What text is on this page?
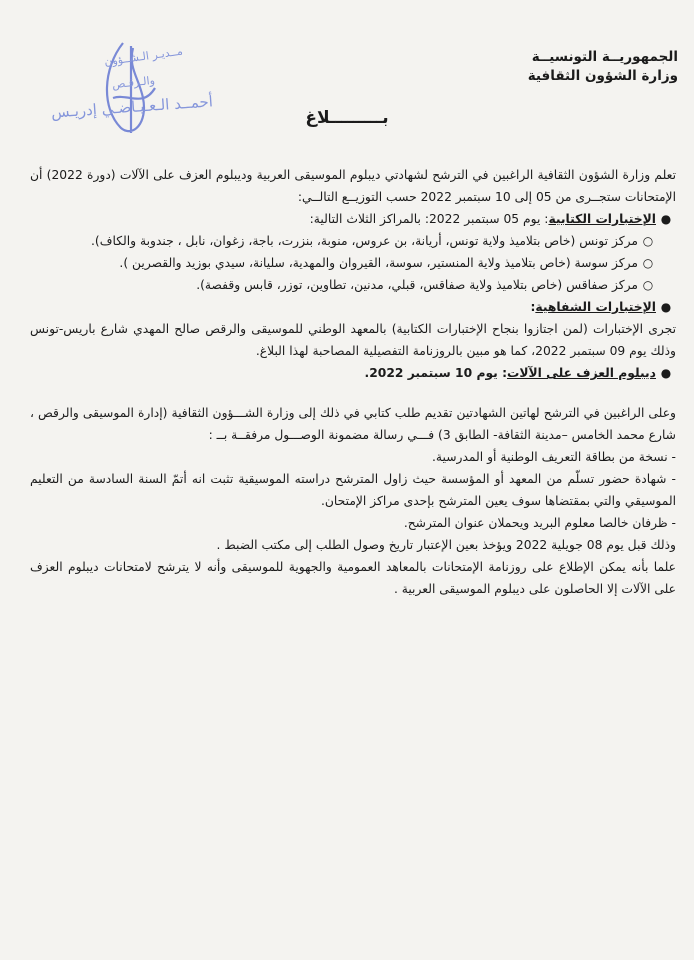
مــديـر الـشــؤون
والـرقـص
أحمــد الـعـيـاضـي إدريـس
الجمهوريــة التونسيــة
وزارة الشؤون الثقافية
بـــــــــلاغ

تعلم وزارة الشؤون الثقافية الراغبين في الترشح لشهادتي ديبلوم الموسيقى العربية وديبلوم العزف على الآلات (دورة 2022) أن الإمتحانات ستجــرى من 05 إلى 10 سبتمبر 2022 حسب التوزيــع التالــي:

●
الإختبارات الكتابية: يوم 05 سبتمبر 2022: بالمراكز الثلاث التالية:
○
مركز تونس (خاص بتلاميذ ولاية تونس، أريانة، بن عروس، منوبة، بنزرت، باجة، زغوان، نابل ، جندوبة والكاف).
○
مركز سوسة (خاص بتلاميذ ولاية المنستير، سوسة، القيروان والمهدية، سليانة، سيدي بوزيد والقصرين ).
○
مركز صفاقس (خاص بتلاميذ ولاية صفاقس، قبلي، مدنين، تطاوين، توزر، قابس وقفصة).
●
الإختبارات الشفاهية:

تجرى الإختبارات (لمن اجتازوا بنجاح الإختبارات الكتابية) بالمعهد الوطني للموسيقى والرقص صالح المهدي شارع باريس-تونس وذلك يوم 09 سبتمبر 2022، كما هو مبين بالروزنامة التفصيلية المصاحبة لهذا البلاغ.

●
ديبلوم العزف على الآلات: يوم 10 سبتمبر 2022.

وعلى الراغبين في الترشح لهاتين الشهادتين تقديم طلب كتابي في ذلك إلى وزارة الشـــؤون الثقافية (إدارة الموسيقى والرقص ، شارع محمد الخامس –مدينة الثقافة- الطابق 3) فـــي رسالة مضمونة الوصـــول مرفقــة بــ :

- نسخة من بطاقة التعريف الوطنية أو المدرسية.

- شهادة حضور تسلّم من المعهد أو المؤسسة حيث زاول المترشح دراسته الموسيقية تثبت انه أتمّ السنة السادسة من التعليم الموسيقي والتي بمقتضاها سوف يعين المترشح بإحدى مراكز الإمتحان.

- ظرفان خالصا معلوم البريد ويحملان عنوان المترشح.

وذلك قبل يوم 08 جويلية 2022 ويؤخذ بعين الإعتبار تاريخ وصول الطلب إلى مكتب الضبط .

علما بأنه يمكن الإطلاع على روزنامة الإمتحانات بالمعاهد العمومية والجهوية للموسيقى وأنه لا يترشح لامتحانات ديبلوم العزف على الآلات إلا الحاصلون على ديبلوم الموسيقى العربية .
